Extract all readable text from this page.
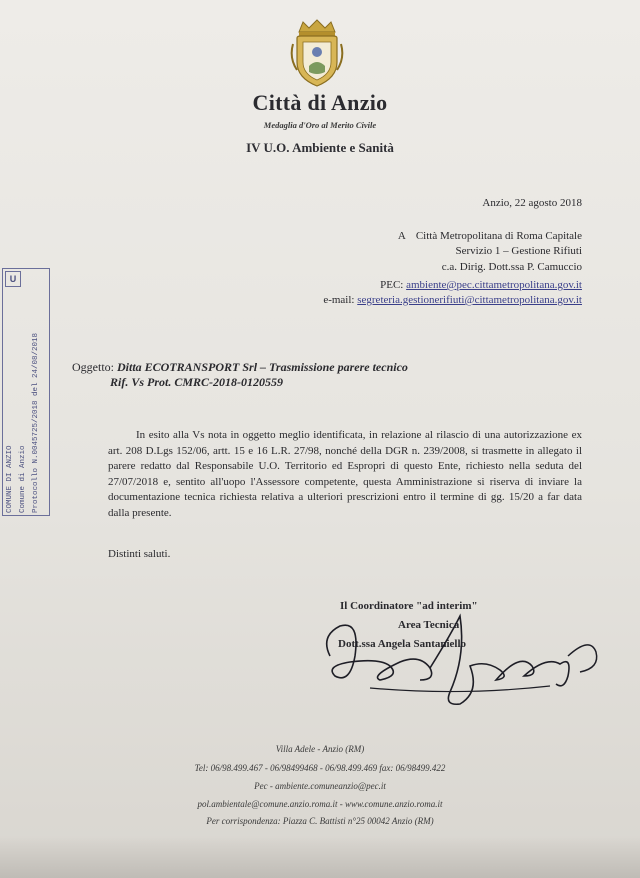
Città di Anzio
Medaglia d'Oro al Merito Civile
IV U.O. Ambiente e Sanità
Anzio, 22 agosto 2018
A Città Metropolitana di Roma Capitale
Servizio 1 – Gestione Rifiuti
c.a. Dirig. Dott.ssa P. Camuccio
PEC: ambiente@pec.cittametropolitana.gov.it
e-mail: segreteria.gestionerifiuti@cittametropolitana.gov.it
U
COMUNE DI ANZIO Comune di Anzio Protocollo N.0045725/2018 del 24/08/2018	Oggetto: Ditta ECOTRANSPORT Srl – Trasmissione parere tecnico
Rif. Vs Prot. CMRC-2018-0120559
In esito alla Vs nota in oggetto meglio identificata, in relazione al rilascio di una autorizzazione ex art. 208 D.Lgs 152/06, artt. 15 e 16 L.R. 27/98, nonché della DGR n. 239/2008, si trasmette in allegato il parere redatto dal Responsabile U.O. Territorio ed Espropri di questo Ente, richiesto nella seduta del 27/07/2018 e, sentito all'uopo l'Assessore competente, questa Amministrazione si riserva di inviare la documentazione tecnica richiesta relativa a ulteriori prescrizioni entro il termine di gg. 15/20 a far data dalla presente.
Distinti saluti.
Il Coordinatore "ad interim"
Area Tecnica
Dott.ssa Angela Santaniello
Villa Adele - Anzio (RM)
Tel: 06/98.499.467 - 06/98499468 - 06/98.499.469 fax: 06/98499.422
Pec - ambiente.comuneanzio@pec.it
pol.ambientale@comune.anzio.roma.it - www.comune.anzio.roma.it
Per corrispondenza: Piazza C. Battisti n°25 00042 Anzio (RM)
